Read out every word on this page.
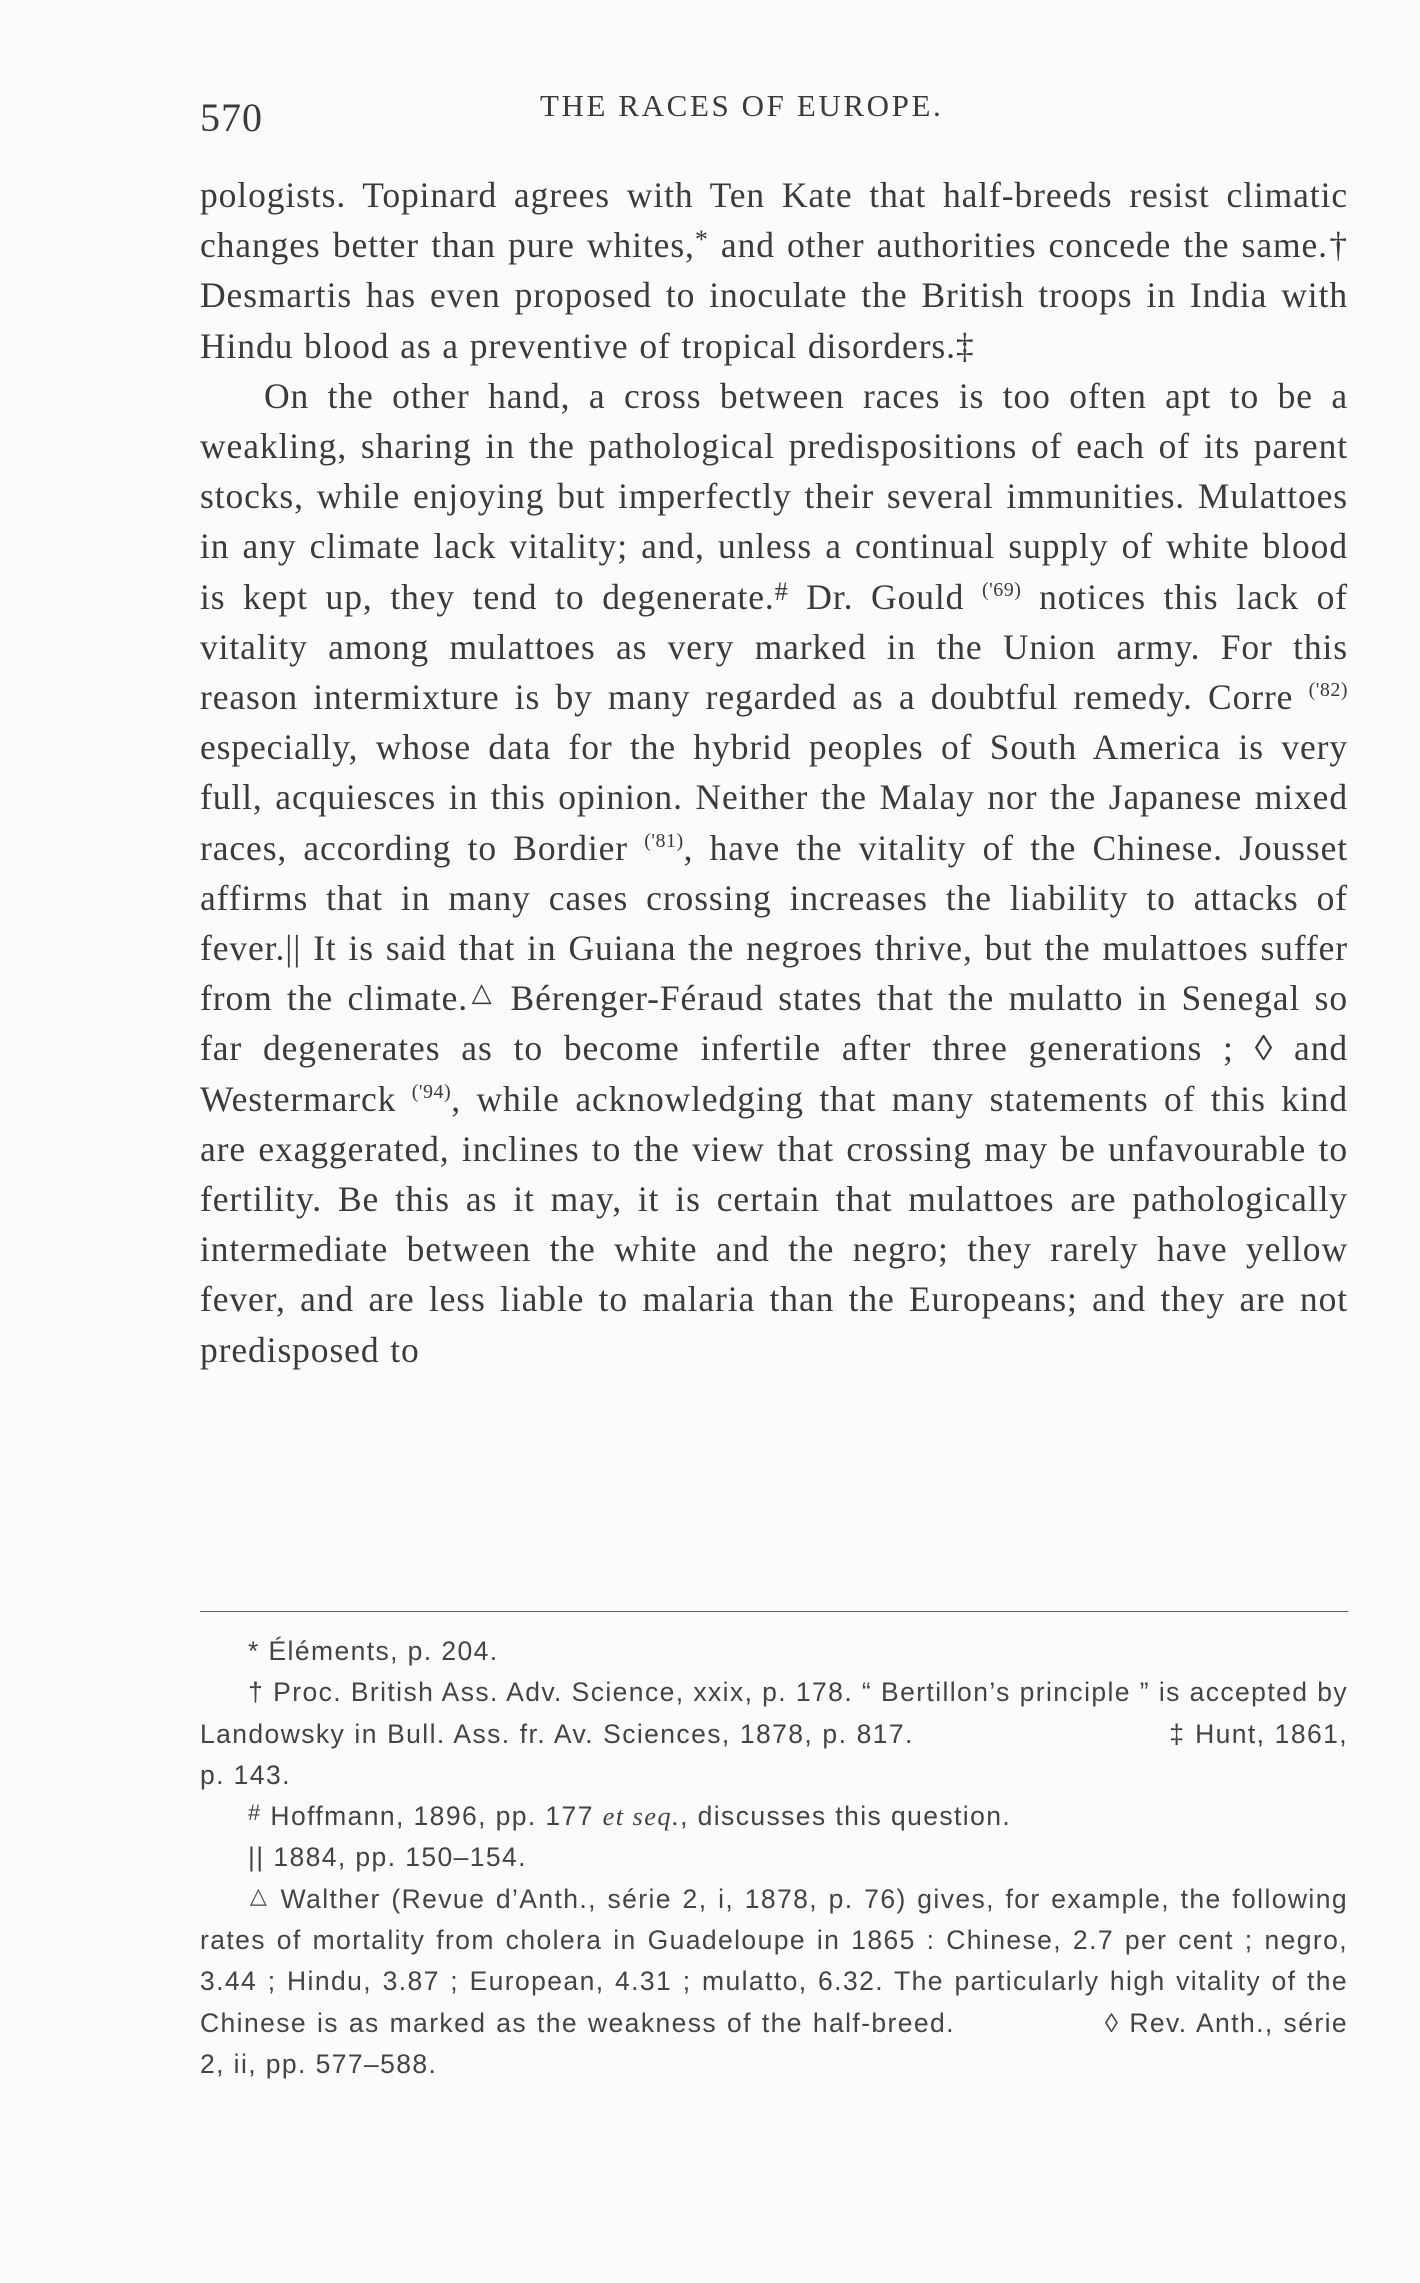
570	THE RACES OF EUROPE.

pologists. Topinard agrees with Ten Kate that half-breeds resist climatic changes better than pure whites,* and other authorities concede the same.† Desmartis has even proposed to inoculate the British troops in India with Hindu blood as a preventive of tropical disorders.‡

On the other hand, a cross between races is too often apt to be a weakling, sharing in the pathological predispositions of each of its parent stocks, while enjoying but imperfectly their several immunities. Mulattoes in any climate lack vitality; and, unless a continual supply of white blood is kept up, they tend to degenerate.# Dr. Gould $^{('69)}$ notices this lack of vitality among mulattoes as very marked in the Union army. For this reason intermixture is by many regarded as a doubtful remedy. Corre $^{('82)}$ especially, whose data for the hybrid peoples of South America is very full, acquiesces in this opinion. Neither the Malay nor the Japanese mixed races, according to Bordier $^{('81)}$, have the vitality of the Chinese. Jousset affirms that in many cases crossing increases the liability to attacks of fever.|| It is said that in Guiana the negroes thrive, but the mulattoes suffer from the climate.△ Bérenger-Féraud states that the mulatto in Senegal so far degenerates as to become infertile after three generations ; ◊ and Westermarck $^{('94)}$, while acknowledging that many statements of this kind are exaggerated, inclines to the view that crossing may be unfavourable to fertility. Be this as it may, it is certain that mulattoes are pathologically intermediate between the white and the negro; they rarely have yellow fever, and are less liable to malaria than the Europeans; and they are not predisposed to

* Éléments, p. 204.

† Proc. British Ass. Adv. Science, xxix, p. 178. “ Bertillon’s principle ” is accepted by Landowsky in Bull. Ass. fr. Av. Sciences, 1878, p. 817.	‡ Hunt, 1861, p. 143.

# Hoffmann, 1896, pp. 177 et seq., discusses this question.

|| 1884, pp. 150–154.

△ Walther (Revue d’Anth., série 2, i, 1878, p. 76) gives, for example, the following rates of mortality from cholera in Guadeloupe in 1865 : Chinese, 2.7 per cent ; negro, 3.44 ; Hindu, 3.87 ; European, 4.31 ; mulatto, 6.32. The particularly high vitality of the Chinese is as marked as the weakness of the half-breed.	◊ Rev. Anth., série 2, ii, pp. 577–588.
